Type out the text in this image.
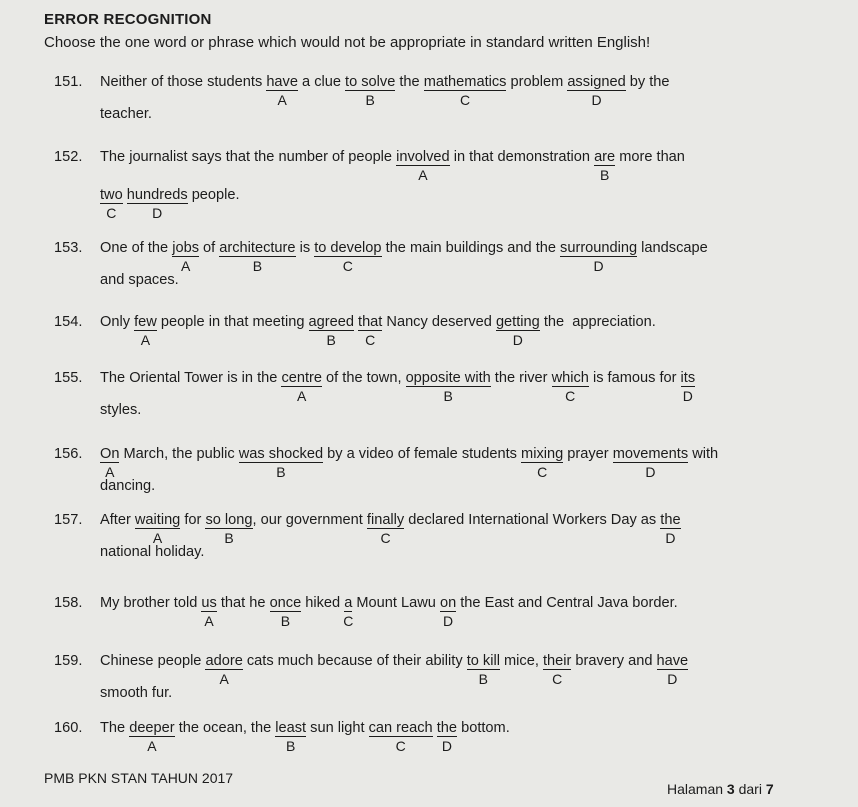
ERROR RECOGNITION
Choose the one word or phrase which would not be appropriate in standard written English!
151. Neither of those students have
A
a clue to solve
B
the mathematics
C
problem assigned
D
by the
teacher.
152. The journalist says that the number of people involved
A
in that demonstration are
B
more than
two
C
hundreds
D
people.
153. One of the jobs
A
of architecture
B
is to develop
C
the main buildings and the surrounding
D
landscape
and spaces.
154. Only few
A
people in that meeting agreed
B
that
C
Nancy deserved getting
D
the  appreciation.
155. The Oriental Tower is in the centre
A
of the town, opposite with
B
the river which
C
is famous for its
D
styles.
156. On
A
March, the public was shocked
B
by a video of female students mixing
C
prayer movements
D
with
dancing.
157. After waiting
A
for so long
B
, our government finally
C
declared International Workers Day as the
D
national holiday.
158. My brother told us
A
that he once
B
hiked a
C
Mount Lawu on
D
the East and Central Java border.
159. Chinese people adore
A
cats much because of their ability to kill
B
mice, their
C
bravery and have
D
smooth fur.
160. The deeper
A
the ocean, the least
B
sun light can reach
C
the
D
bottom.
PMB PKN STAN TAHUN 2017
Halaman 3 dari 7
